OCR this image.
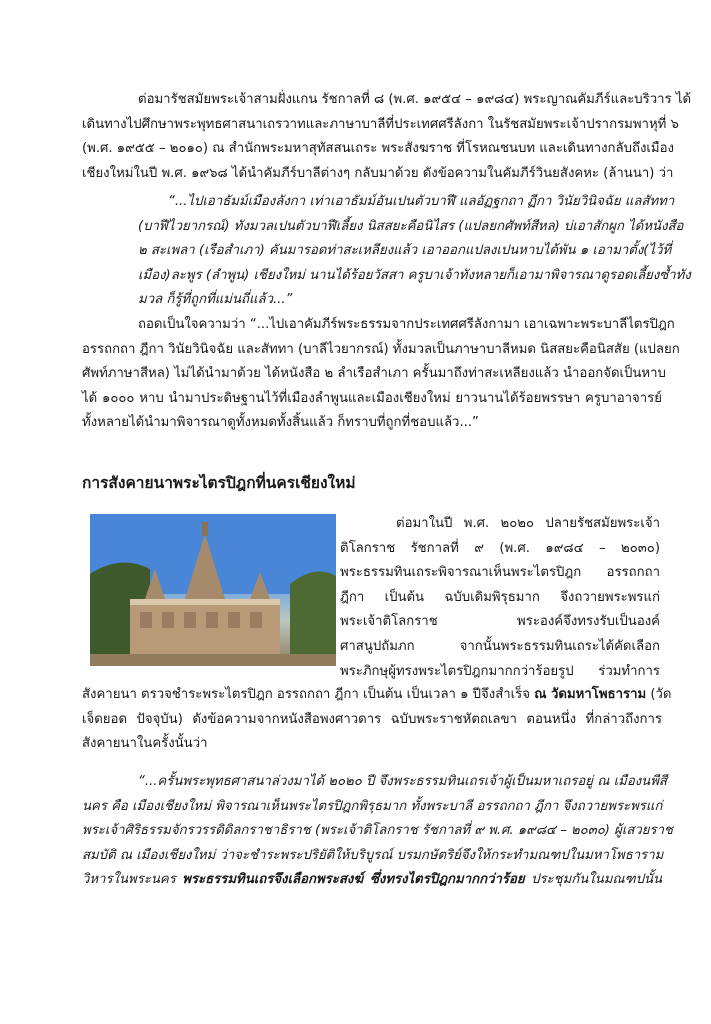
ต่อมารัชสมัยพระเจ้าสามฝั่งแกน รัชกาลที่ ๘ (พ.ศ. ๑๙๕๔ – ๑๙๘๔) พระญาณคัมภีร์และบริวาร ได้
เดินทางไปศึกษาพระพุทธศาสนาเถรวาทและภาษาบาลีที่ประเทศศรีลังกา ในรัชสมัยพระเจ้าปรากรมพาหุที่ ๖
(พ.ศ. ๑๙๕๕ – ๒๐๑๐) ณ สำนักพระมหาสุทัสสนเถระ พระสังฆราช ที่โรหณชนบท และเดินทางกลับถึงเมือง
เชียงใหม่ในปี พ.ศ. ๑๙๖๘ ได้นำคัมภีร์บาลีต่างๆ กลับมาด้วย ดังข้อความในคัมภีร์วินยสังคหะ (ล้านนา) ว่า
“...ไปเอาธัมม์เมืองลังกา เท่าเอาธัมม์อันเปนตัวบาฬี แลอัฏฐกถา ฏีกา วินัยวินิจฉัย แลสัททา
(บาฬีไวยากรณ์) ทังมวลเปนตัวบาฬีเลี้ยง นิสสยะคือนิไสร (แปลยกศัพท์สีหล) บ่เอาสักผูก ได้หนังสือ
๒ สะเพลา (เรือสำเภา) คันมารอดท่าสะเหลียงแล้ว เอาออกแปลงเปนหาบได้พัน ๑ เอามาตั้ง(ไว้ที่
เมือง)ละพูร (ลำพูน) เชียงใหม่ นานได้ร้อยวัสสา ครูบาเจ้าทังหลายก็เอามาพิจารณาดูรอดเลี้ยงซ้ำทัง
มวล ก็รู้ที่ถูกที่แม่นถี่แล้ว...”
ถอดเป็นใจความว่า “...ไปเอาคัมภีร์พระธรรมจากประเทศศรีลังกามา เอาเฉพาะพระบาลีไตรปิฎก
อรรถกถา ฎีกา วินัยวินิจฉัย และสัททา (บาลีไวยากรณ์) ทั้งมวลเป็นภาษาบาลีหมด นิสสยะคือนิสสัย (แปลยก
ศัพท์ภาษาสีหล) ไม่ได้นำมาด้วย ได้หนังสือ ๒ ลำเรือสำเภา ครั้นมาถึงท่าสะเหลียงแล้ว นำออกจัดเป็นหาบ
ได้ ๑๐๐๐ หาบ นำมาประดิษฐานไว้ที่เมืองลำพูนและเมืองเชียงใหม่ ยาวนานได้ร้อยพรรษา ครูบาอาจารย์
ทั้งหลายได้นำมาพิจารณาดูทั้งหมดทั้งสิ้นแล้ว ก็ทราบที่ถูกที่ชอบแล้ว...”
การสังคายนาพระไตรปิฎกที่นครเชียงใหม่
ต่อมาในปี พ.ศ. ๒๐๒๐ ปลายรัชสมัยพระเจ้า
ติโลกราช รัชกาลที่ ๙ (พ.ศ. ๑๙๘๔ – ๒๐๓๐)
พระธรรมทินเถระพิจารณาเห็นพระไตรปิฎก อรรถกถา
ฎีกา เป็นต้น ฉบับเดิมพิรุธมาก จึงถวายพระพรแก่
พระเจ้าติโลกราช พระองค์จึงทรงรับเป็นองค์
ศาสนูปถัมภก จากนั้นพระธรรมทินเถระได้คัดเลือก
พระภิกษุผู้ทรงพระไตรปิฎกมากกว่าร้อยรูป ร่วมทำการ
สังคายนา ตรวจชำระพระไตรปิฎก อรรถกถา ฎีกา เป็นต้น เป็นเวลา ๑ ปีจึงสำเร็จ ณ วัดมหาโพธาราม (วัด
เจ็ดยอด ปัจจุบัน) ดังข้อความจากหนังสือพงศาวดาร ฉบับพระราชหัตถเลขา ตอนหนึ่ง ที่กล่าวถึงการ
สังคายนาในครั้งนั้นว่า
“...ครั้นพระพุทธศาสนาล่วงมาได้ ๒๐๒๐ ปี จึงพระธรรมทินเถรเจ้าผู้เป็นมหาเถรอยู่ ณ เมืองนพีสี
นคร คือ เมืองเชียงใหม่ พิจารณาเห็นพระไตรปิฎกพิรุธมาก ทั้งพระบาลี อรรถกถา ฎีกา จึงถวายพระพรแก่
พระเจ้าศิริธรรมจักรวรรดิดิลกราชาธิราช (พระเจ้าติโลกราช รัชกาลที่ ๙ พ.ศ. ๑๙๘๔ – ๒๐๓๐) ผู้เสวยราช
สมบัติ ณ เมืองเชียงใหม่ ว่าจะชำระพระปริยัติให้บริบูรณ์ บรมกษัตริย์จึงให้กระทำมณฑปในมหาโพธาราม
วิหารในพระนคร พระธรรมทินเถรจึงเลือกพระสงฆ์ ซึ่งทรงไตรปิฎกมากกว่าร้อย ประชุมกันในมณฑปนั้น
